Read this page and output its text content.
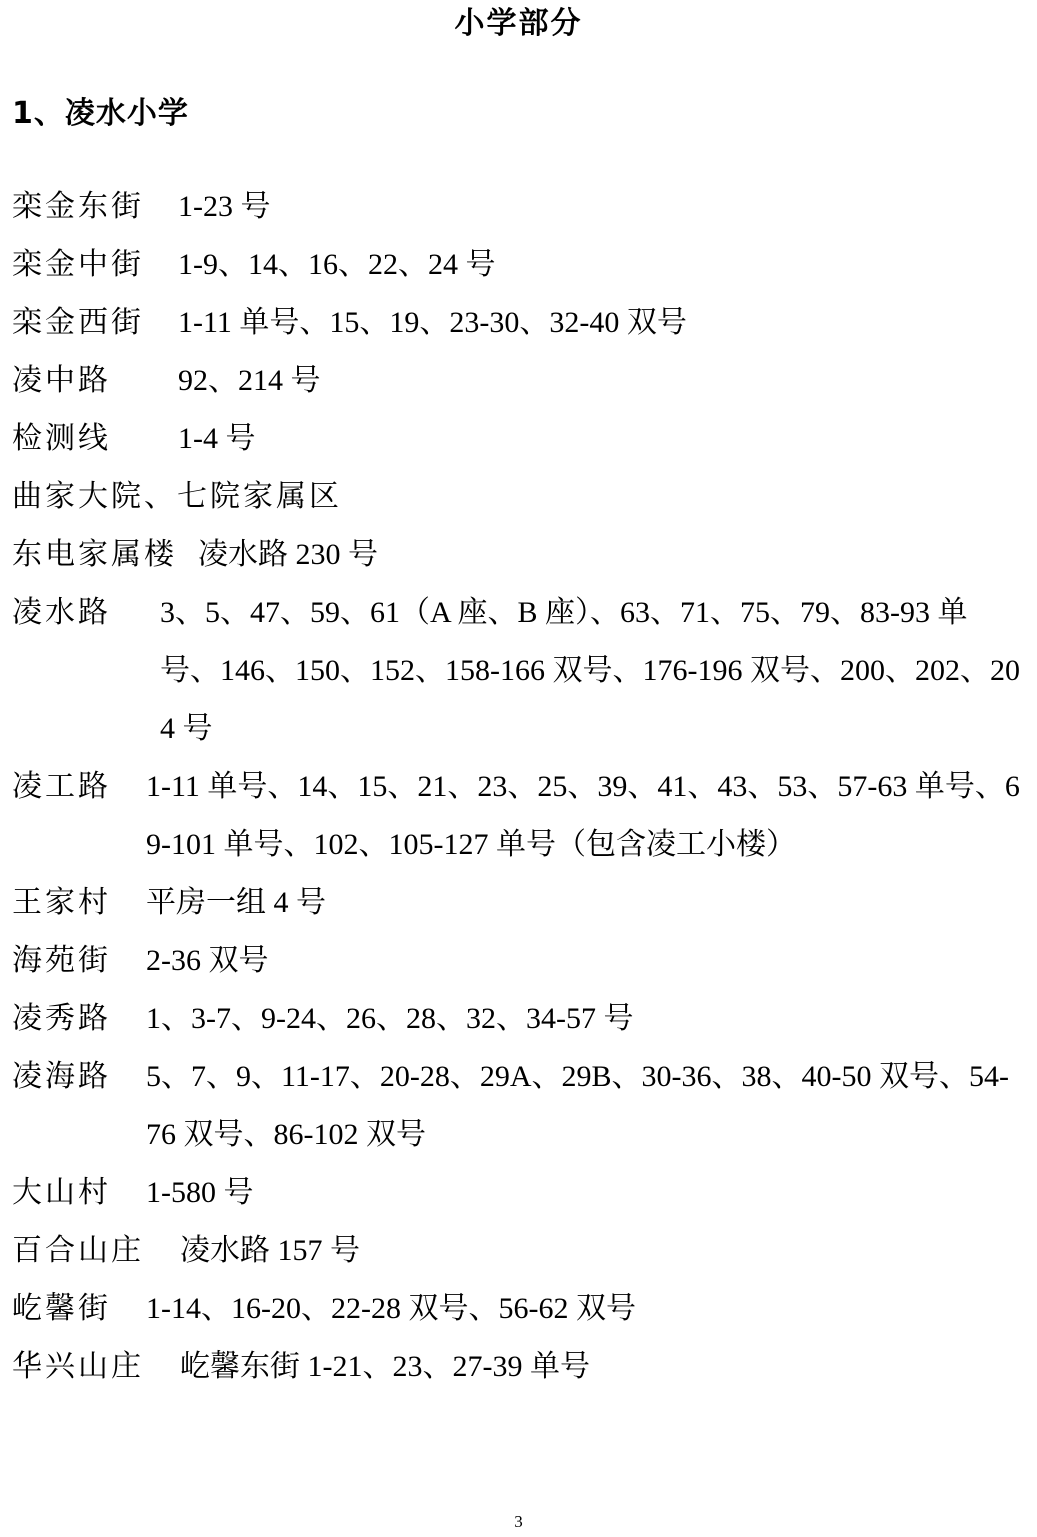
小学部分
1、凌水小学
栾金东街	1-23 号
栾金中街	1-9、14、16、22、24 号
栾金西街	1-11 单号、15、19、23-30、32-40 双号
凌中路	92、214 号
检测线	1-4 号
曲家大院、七院家属区
东电家属楼 凌水路 230 号
凌水路	3、5、47、59、61（A 座、B 座）、63、71、75、79、83-93 单号、146、150、152、158-166 双号、176-196 双号、200、202、204 号
凌工路	1-11 单号、14、15、21、23、25、39、41、43、53、57-63 单号、69-101 单号、102、105-127 单号（包含凌工小楼）
王家村	平房一组 4 号
海苑街	2-36 双号
凌秀路	1、3-7、9-24、26、28、32、34-57 号
凌海路	5、7、9、11-17、20-28、29A、29B、30-36、38、40-50 双号、54-76 双号、86-102 双号
大山村	1-580 号
百合山庄	凌水路 157 号
屹馨街	1-14、16-20、22-28 双号、56-62 双号
华兴山庄	屹馨东街 1-21、23、27-39 单号
3
